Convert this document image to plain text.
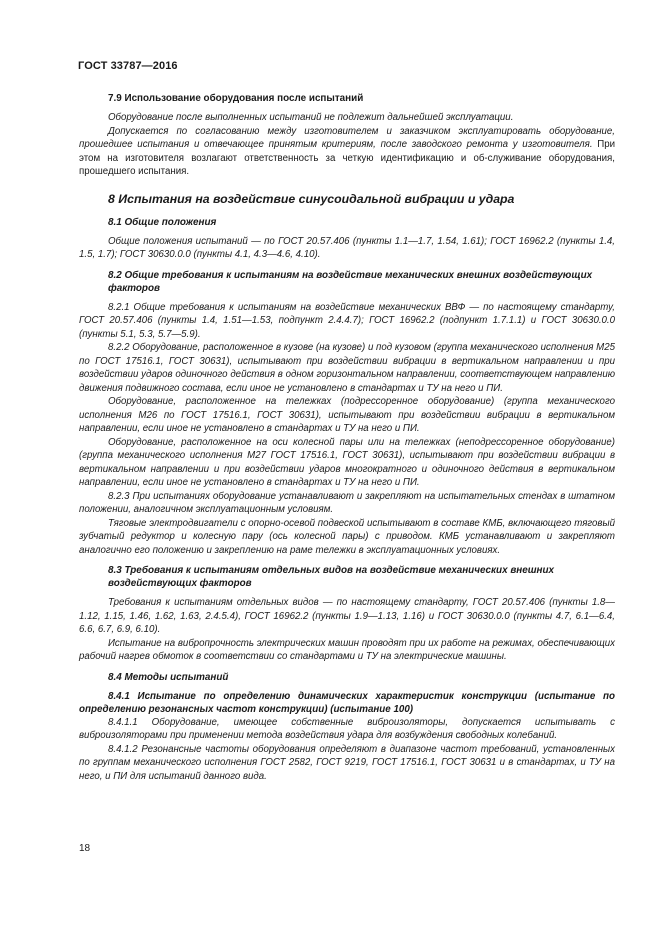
ГОСТ 33787—2016
7.9 Использование оборудования после испытаний

Оборудование после выполненных испытаний не подлежит дальнейшей эксплуатации.

Допускается по согласованию между изготовителем и заказчиком эксплуатировать оборудование, прошедшее испытания и отвечающее принятым критериям, после заводского ремонта у изготовителя. При этом на изготовителя возлагают ответственность за четкую идентификацию и об-служивание оборудования, прошедшего испытания.

8 Испытания на воздействие синусоидальной вибрации и удара
8.1 Общие положения

Общие положения испытаний — по ГОСТ 20.57.406 (пункты 1.1—1.7, 1.54, 1.61); ГОСТ 16962.2 (пункты 1.4, 1.5, 1.7); ГОСТ 30630.0.0 (пункты 4.1, 4.3—4.6, 4.10).

8.2 Общие требования к испытаниям на воздействие механических внешних воздействующих факторов

8.2.1 Общие требования к испытаниям на воздействие механических ВВФ — по настоящему стандарту, ГОСТ 20.57.406 (пункты 1.4, 1.51—1.53, подпункт 2.4.4.7); ГОСТ 16962.2 (подпункт 1.7.1.1) и ГОСТ 30630.0.0 (пункты 5.1, 5.3, 5.7—5.9).

8.2.2 Оборудование, расположенное в кузове (на кузове) и под кузовом (группа механического исполнения М25 по ГОСТ 17516.1, ГОСТ 30631), испытывают при воздействии вибрации в вертикальном направлении и при воздействии ударов одиночного действия в одном горизонтальном направлении, соответствующем направлению движения подвижного состава, если иное не установлено в стандартах и ТУ на него и ПИ.

Оборудование, расположенное на тележках (подрессоренное оборудование) (группа механического исполнения М26 по ГОСТ 17516.1, ГОСТ 30631), испытывают при воздействии вибрации в вертикальном направлении, если иное не установлено в стандартах и ТУ на него и ПИ.

Оборудование, расположенное на оси колесной пары или на тележках (неподрессоренное оборудование) (группа механического исполнения М27 ГОСТ 17516.1, ГОСТ 30631), испытывают при воздействии вибрации в вертикальном направлении и при воздействии ударов многократного и одиночного действия в вертикальном направлении, если иное не установлено в стандартах и ТУ на него и ПИ.

8.2.3 При испытаниях оборудование устанавливают и закрепляют на испытательных стендах в штатном положении, аналогичном эксплуатационным условиям.

Тяговые электродвигатели с опорно-осевой подвеской испытывают в составе КМБ, включающего тяговый зубчатый редуктор и колесную пару (ось колесной пары) с приводом. КМБ устанавливают и закрепляют аналогично его положению и закреплению на раме тележки в эксплуатационных условиях.

8.3 Требования к испытаниям отдельных видов на воздействие механических внешних воздействующих факторов

Требования к испытаниям отдельных видов — по настоящему стандарту, ГОСТ 20.57.406 (пункты 1.8—1.12, 1.15, 1.46, 1.62, 1.63, 2.4.5.4), ГОСТ 16962.2 (пункты 1.9—1.13, 1.16) и ГОСТ 30630.0.0 (пункты 4.7, 6.1—6.4, 6.6, 6.7, 6.9, 6.10).

Испытание на вибропрочность электрических машин проводят при их работе на режимах, обеспечивающих рабочий нагрев обмоток в соответствии со стандартами и ТУ на электрические машины.

8.4 Методы испытаний

8.4.1 Испытание по определению динамических характеристик конструкции (испытание по определению резонансных частот конструкции) (испытание 100)

8.4.1.1 Оборудование, имеющее собственные виброизоляторы, допускается испытывать с виброизоляторами при применении метода воздействия удара для возбуждения свободных колебаний.

8.4.1.2 Резонансные частоты оборудования определяют в диапазоне частот требований, установленных по группам механического исполнения ГОСТ 2582, ГОСТ 9219, ГОСТ 17516.1, ГОСТ 30631 и в стандартах, и ТУ на него, и ПИ для испытаний данного вида.

18
